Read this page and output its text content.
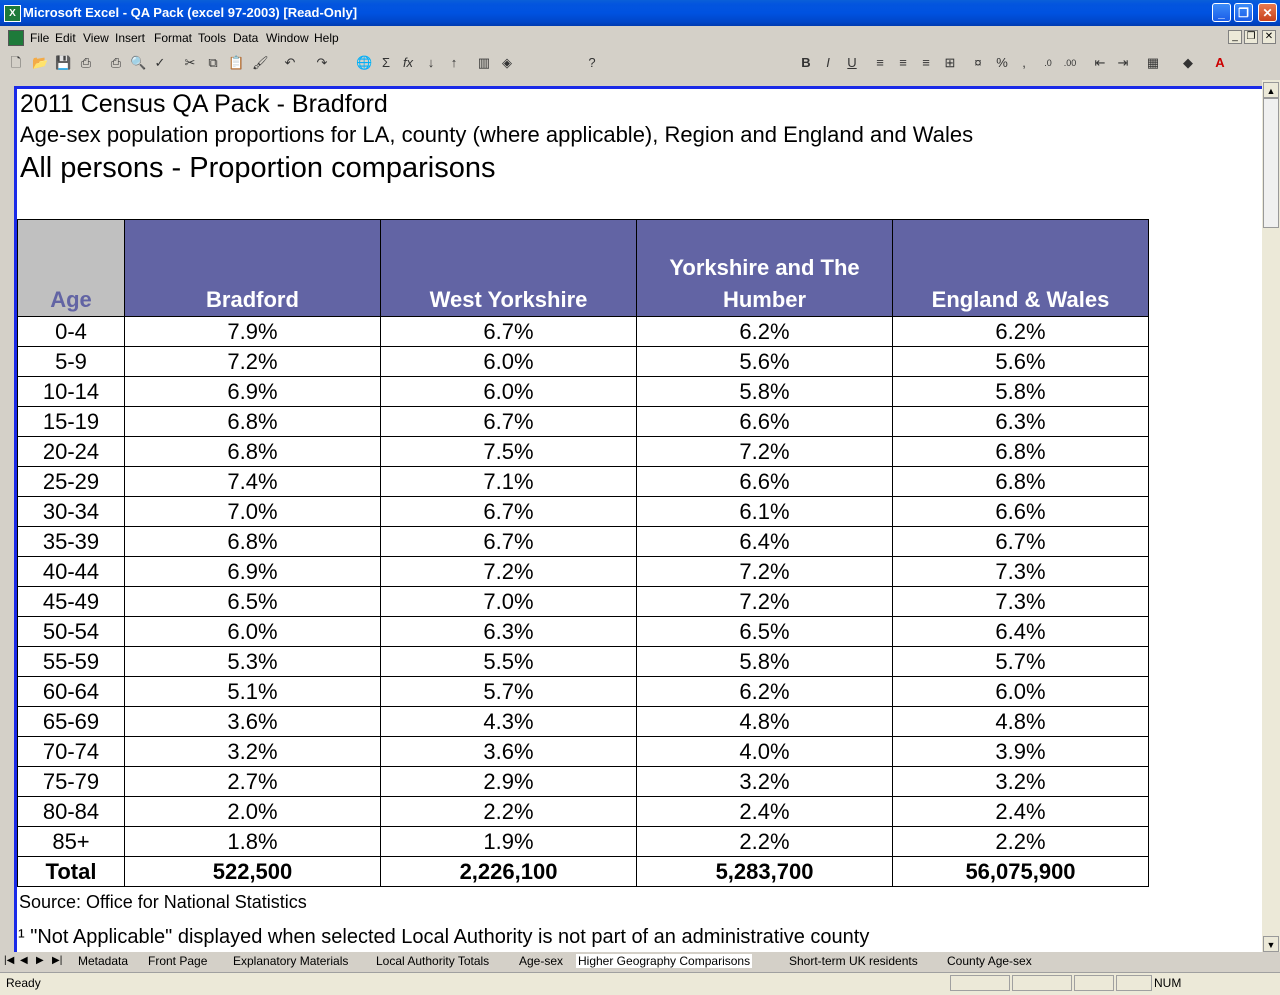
X Microsoft Excel - QA Pack (excel 97-2003) [Read-Only]	_	❐	✕
File Edit View Insert Format Tools Data Window Help	_ ❐ ✕
🗋 📂 💾 ⎙ ⎙ 🔍 ✓ ✂ ⧉ 📋 🖌 ↶ ↷ 🌐 Σ fx	↓	↑	▥ ◈	?	B	I	U	≡	≡	≡	⊞	¤	%	,	.0	.00 ⇤ ⇥ ▦ ◆ A
2011 Census QA Pack - Bradford
Age-sex population proportions for LA, county (where applicable), Region and England and Wales
All persons - Proportion comparisons
Age	Bradford	West Yorkshire	Yorkshire and The Humber	England & Wales
0-4	7.9%	6.7%	6.2%	6.2%
5-9	7.2%	6.0%	5.6%	5.6%
10-14	6.9%	6.0%	5.8%	5.8%
15-19	6.8%	6.7%	6.6%	6.3%
20-24	6.8%	7.5%	7.2%	6.8%
25-29	7.4%	7.1%	6.6%	6.8%
30-34	7.0%	6.7%	6.1%	6.6%
35-39	6.8%	6.7%	6.4%	6.7%
40-44	6.9%	7.2%	7.2%	7.3%
45-49	6.5%	7.0%	7.2%	7.3%
50-54	6.0%	6.3%	6.5%	6.4%
55-59	5.3%	5.5%	5.8%	5.7%
60-64	5.1%	5.7%	6.2%	6.0%
65-69	3.6%	4.3%	4.8%	4.8%
70-74	3.2%	3.6%	4.0%	3.9%
75-79	2.7%	2.9%	3.2%	3.2%
80-84	2.0%	2.2%	2.4%	2.4%
85+	1.8%	1.9%	2.2%	2.2%
Total	522,500	2,226,100	5,283,700	56,075,900
Source: Office for National Statistics
¹ "Not Applicable" displayed when selected Local Authority is not part of an administrative county
▲
▼
|◀ ◀ ▶ ▶| Metadata Front Page Explanatory Materials Local Authority Totals Age-sex Higher Geography Comparisons	Short-term UK residents County Age-sex
Ready	NUM
